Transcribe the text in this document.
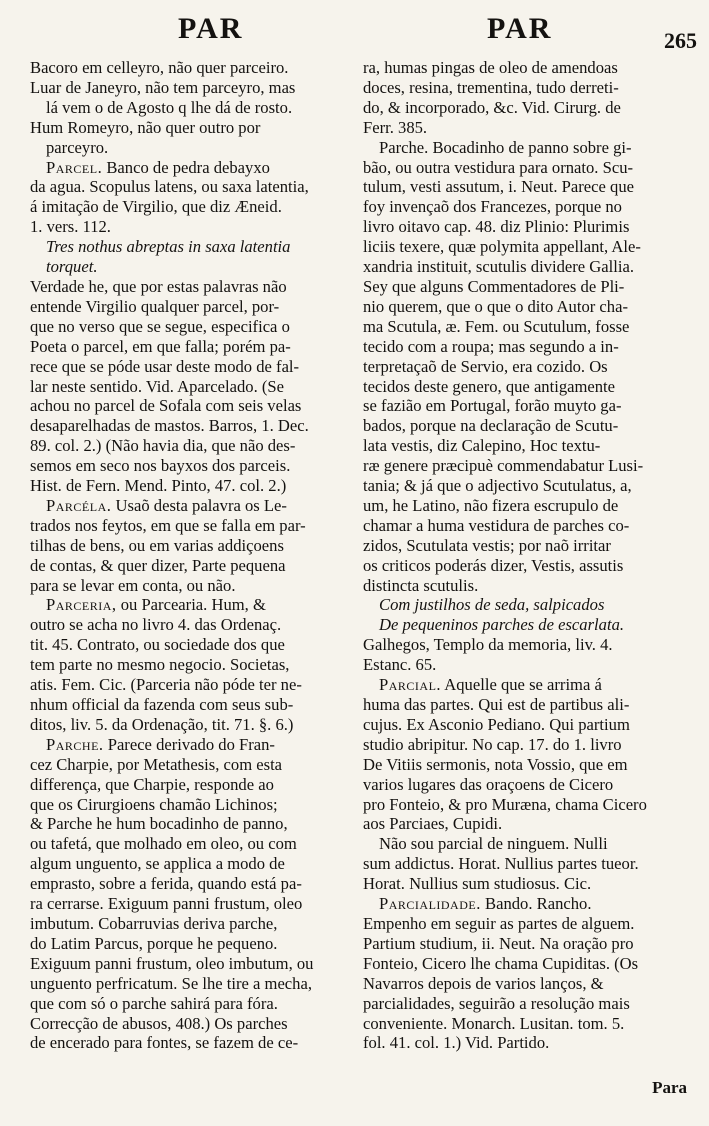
PAR	PAR	265

Bacoro em celleyro, não quer parceiro.

Luar de Janeyro, não tem parceyro, mas

lá vem o de Agosto q lhe dá de rosto.

Hum Romeyro, não quer outro por

parceyro.

Parcel. Banco de pedra debayxo

da agua. Scopulus latens, ou saxa latentia,

á imitação de Virgilio, que diz Æneid.

1. vers. 112.

Tres nothus abreptas in saxa latentia

torquet.

Verdade he, que por estas palavras não

entende Virgilio qualquer parcel, por-

que no verso que se segue, especifica o

Poeta o parcel, em que falla; porém pa-

rece que se póde usar deste modo de fal-

lar neste sentido. Vid. Aparcelado. (Se

achou no parcel de Sofala com seis velas

desaparelhadas de mastos. Barros, 1. Dec.

89. col. 2.) (Não havia dia, que não des-

semos em seco nos bayxos dos parceis.

Hist. de Fern. Mend. Pinto, 47. col. 2.)

Parcéla. Usaõ desta palavra os Le-

trados nos feytos, em que se falla em par-

tilhas de bens, ou em varias addiçoens

de contas, & quer dizer, Parte pequena

para se levar em conta, ou não.

Parceria, ou Parcearia. Hum, &

outro se acha no livro 4. das Ordenaç.

tit. 45. Contrato, ou sociedade dos que

tem parte no mesmo negocio. Societas,

atis. Fem. Cic. (Parceria não póde ter ne-

nhum official da fazenda com seus sub-

ditos, liv. 5. da Ordenação, tit. 71. §. 6.)

Parche. Parece derivado do Fran-

cez Charpie, por Metathesis, com esta

differença, que Charpie, responde ao

que os Cirurgioens chamão Lichinos;

& Parche he hum bocadinho de panno,

ou tafetá, que molhado em oleo, ou com

algum unguento, se applica a modo de

emprasto, sobre a ferida, quando está pa-

ra cerrarse. Exiguum panni frustum, oleo

imbutum. Cobarruvias deriva parche,

do Latim Parcus, porque he pequeno.

Exiguum panni frustum, oleo imbutum, ou

unguento perfricatum. Se lhe tire a mecha,

que com só o parche sahirá para fóra.

Correcção de abusos, 408.) Os parches

de encerado para fontes, se fazem de ce-

ra, humas pingas de oleo de amendoas

doces, resina, trementina, tudo derreti-

do, & incorporado, &c. Vid. Cirurg. de

Ferr. 385.

Parche. Bocadinho de panno sobre gi-

bão, ou outra vestidura para ornato. Scu-

tulum, vesti assutum, i. Neut. Parece que

foy invençaõ dos Francezes, porque no

livro oitavo cap. 48. diz Plinio: Plurimis

liciis texere, quæ polymita appellant, Ale-

xandria instituit, scutulis dividere Gallia.

Sey que alguns Commentadores de Pli-

nio querem, que o que o dito Autor cha-

ma Scutula, æ. Fem. ou Scutulum, fosse

tecido com a roupa; mas segundo a in-

terpretaçaõ de Servio, era cozido. Os

tecidos deste genero, que antigamente

se fazião em Portugal, forão muyto ga-

bados, porque na declaração de Scutu-

lata vestis, diz Calepino, Hoc textu-

ræ genere præcipuè commendabatur Lusi-

tania; & já que o adjectivo Scutulatus, a,

um, he Latino, não fizera escrupulo de

chamar a huma vestidura de parches co-

zidos, Scutulata vestis; por naõ irritar

os criticos poderás dizer, Vestis, assutis

distincta scutulis.

Com justilhos de seda, salpicados

De pequeninos parches de escarlata.

Galhegos, Templo da memoria, liv. 4.

Estanc. 65.

Parcial. Aquelle que se arrima á

huma das partes. Qui est de partibus ali-

cujus. Ex Asconio Pediano. Qui partium

studio abripitur. No cap. 17. do 1. livro

De Vitiis sermonis, nota Vossio, que em

varios lugares das oraçoens de Cicero

pro Fonteio, & pro Muræna, chama Cicero

aos Parciaes, Cupidi.

Não sou parcial de ninguem. Nulli

sum addictus. Horat. Nullius partes tueor.

Horat. Nullius sum studiosus. Cic.

Parcialidade. Bando. Rancho.

Empenho em seguir as partes de alguem.

Partium studium, ii. Neut. Na oração pro

Fonteio, Cicero lhe chama Cupiditas. (Os

Navarros depois de varios lanços, &

parcialidades, seguirão a resolução mais

conveniente. Monarch. Lusitan. tom. 5.

fol. 41. col. 1.) Vid. Partido.

Para
